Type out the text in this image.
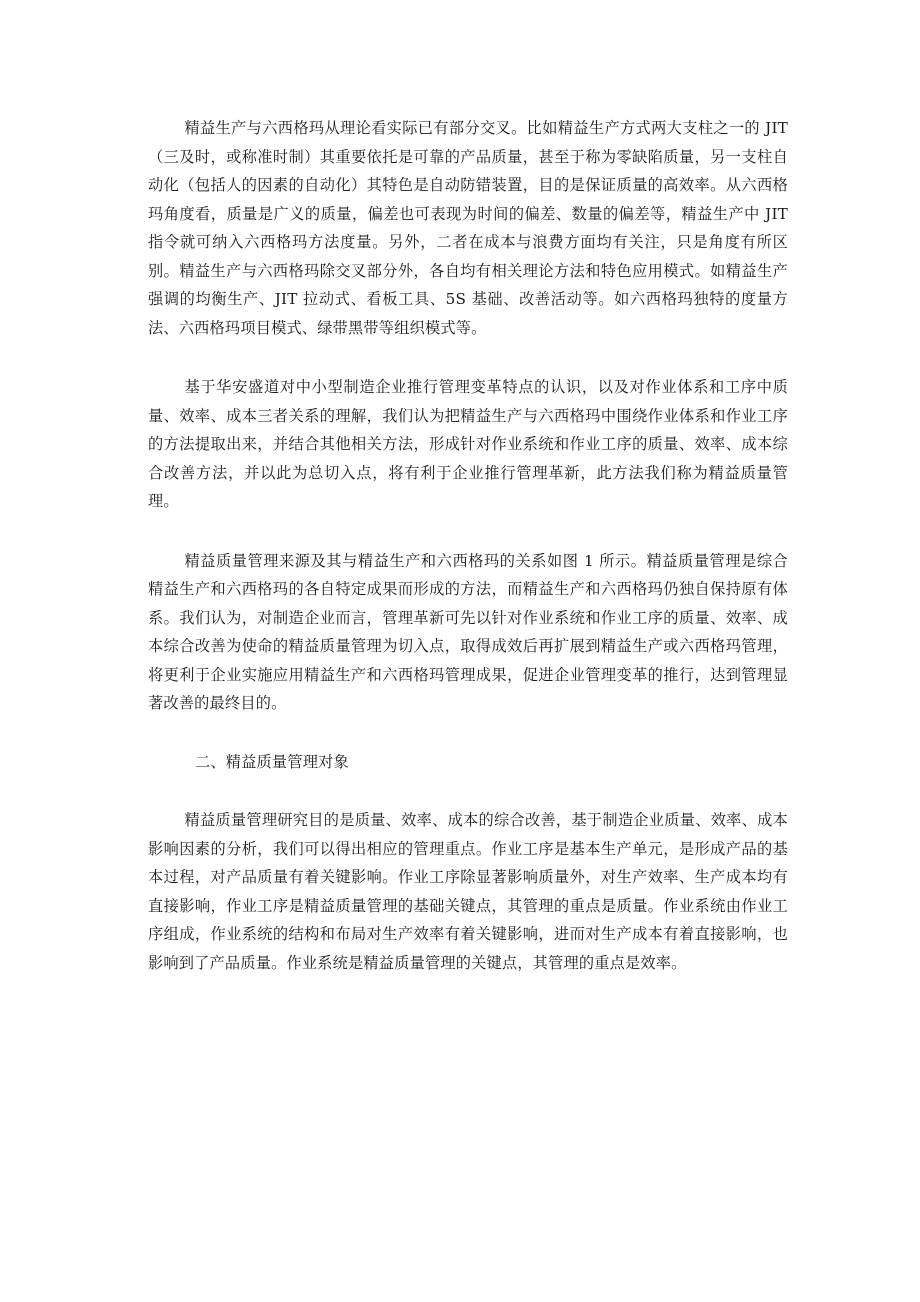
精益生产与六西格玛从理论看实际已有部分交叉。比如精益生产方式两大支柱之一的 JIT（三及时，或称准时制）其重要依托是可靠的产品质量，甚至于称为零缺陷质量，另一支柱自动化（包括人的因素的自动化）其特色是自动防错装置，目的是保证质量的高效率。从六西格玛角度看，质量是广义的质量，偏差也可表现为时间的偏差、数量的偏差等，精益生产中 JIT 指令就可纳入六西格玛方法度量。另外，二者在成本与浪费方面均有关注，只是角度有所区别。精益生产与六西格玛除交叉部分外，各自均有相关理论方法和特色应用模式。如精益生产强调的均衡生产、JIT 拉动式、看板工具、5S 基础、改善活动等。如六西格玛独特的度量方法、六西格玛项目模式、绿带黑带等组织模式等。

基于华安盛道对中小型制造企业推行管理变革特点的认识，以及对作业体系和工序中质量、效率、成本三者关系的理解，我们认为把精益生产与六西格玛中围绕作业体系和作业工序的方法提取出来，并结合其他相关方法，形成针对作业系统和作业工序的质量、效率、成本综合改善方法，并以此为总切入点，将有利于企业推行管理革新，此方法我们称为精益质量管理。

精益质量管理来源及其与精益生产和六西格玛的关系如图 1 所示。精益质量管理是综合精益生产和六西格玛的各自特定成果而形成的方法，而精益生产和六西格玛仍独自保持原有体系。我们认为，对制造企业而言，管理革新可先以针对作业系统和作业工序的质量、效率、成本综合改善为使命的精益质量管理为切入点，取得成效后再扩展到精益生产或六西格玛管理，将更利于企业实施应用精益生产和六西格玛管理成果，促进企业管理变革的推行，达到管理显著改善的最终目的。

二、精益质量管理对象

精益质量管理研究目的是质量、效率、成本的综合改善，基于制造企业质量、效率、成本影响因素的分析，我们可以得出相应的管理重点。作业工序是基本生产单元，是形成产品的基本过程，对产品质量有着关键影响。作业工序除显著影响质量外，对生产效率、生产成本均有直接影响，作业工序是精益质量管理的基础关键点，其管理的重点是质量。作业系统由作业工序组成，作业系统的结构和布局对生产效率有着关键影响，进而对生产成本有着直接影响，也影响到了产品质量。作业系统是精益质量管理的关键点，其管理的重点是效率。
